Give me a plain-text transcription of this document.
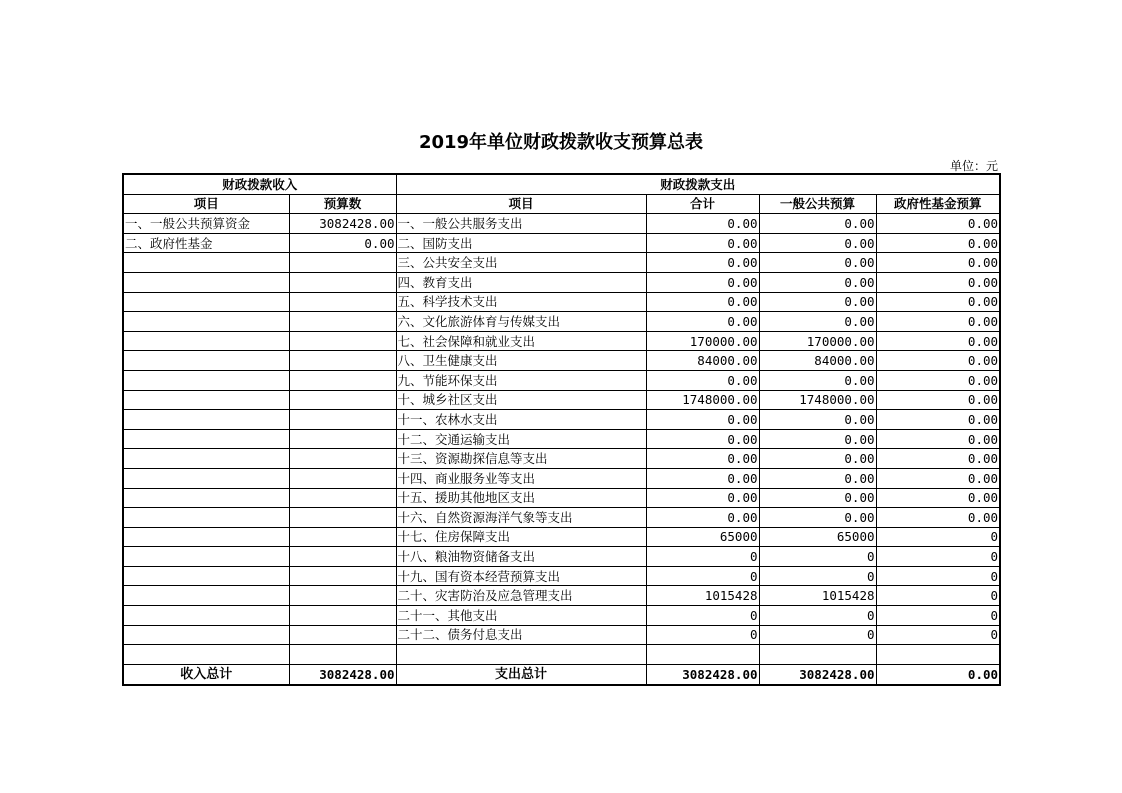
2019年单位财政拨款收支预算总表
单位：元
财政拨款收入		财政拨款支出			
项目	预算数	项目	合计	一般公共预算	政府性基金预算
一、一般公共预算资金	3082428.00	一、一般公共服务支出	0.00	0.00	0.00
二、政府性基金	0.00	二、国防支出	0.00	0.00	0.00
		三、公共安全支出	0.00	0.00	0.00
		四、教育支出	0.00	0.00	0.00
		五、科学技术支出	0.00	0.00	0.00
		六、文化旅游体育与传媒支出	0.00	0.00	0.00
		七、社会保障和就业支出	170000.00	170000.00	0.00
		八、卫生健康支出	84000.00	84000.00	0.00
		九、节能环保支出	0.00	0.00	0.00
		十、城乡社区支出	1748000.00	1748000.00	0.00
		十一、农林水支出	0.00	0.00	0.00
		十二、交通运输支出	0.00	0.00	0.00
		十三、资源勘探信息等支出	0.00	0.00	0.00
		十四、商业服务业等支出	0.00	0.00	0.00
		十五、援助其他地区支出	0.00	0.00	0.00
		十六、自然资源海洋气象等支出	0.00	0.00	0.00
		十七、住房保障支出	65000	65000	0
		十八、粮油物资储备支出	0	0	0
		十九、国有资本经营预算支出	0	0	0
		二十、灾害防治及应急管理支出	1015428	1015428	0
		二十一、其他支出	0	0	0
		二十二、债务付息支出	0	0	0

收入总计	3082428.00	支出总计	3082428.00	3082428.00	0.00
